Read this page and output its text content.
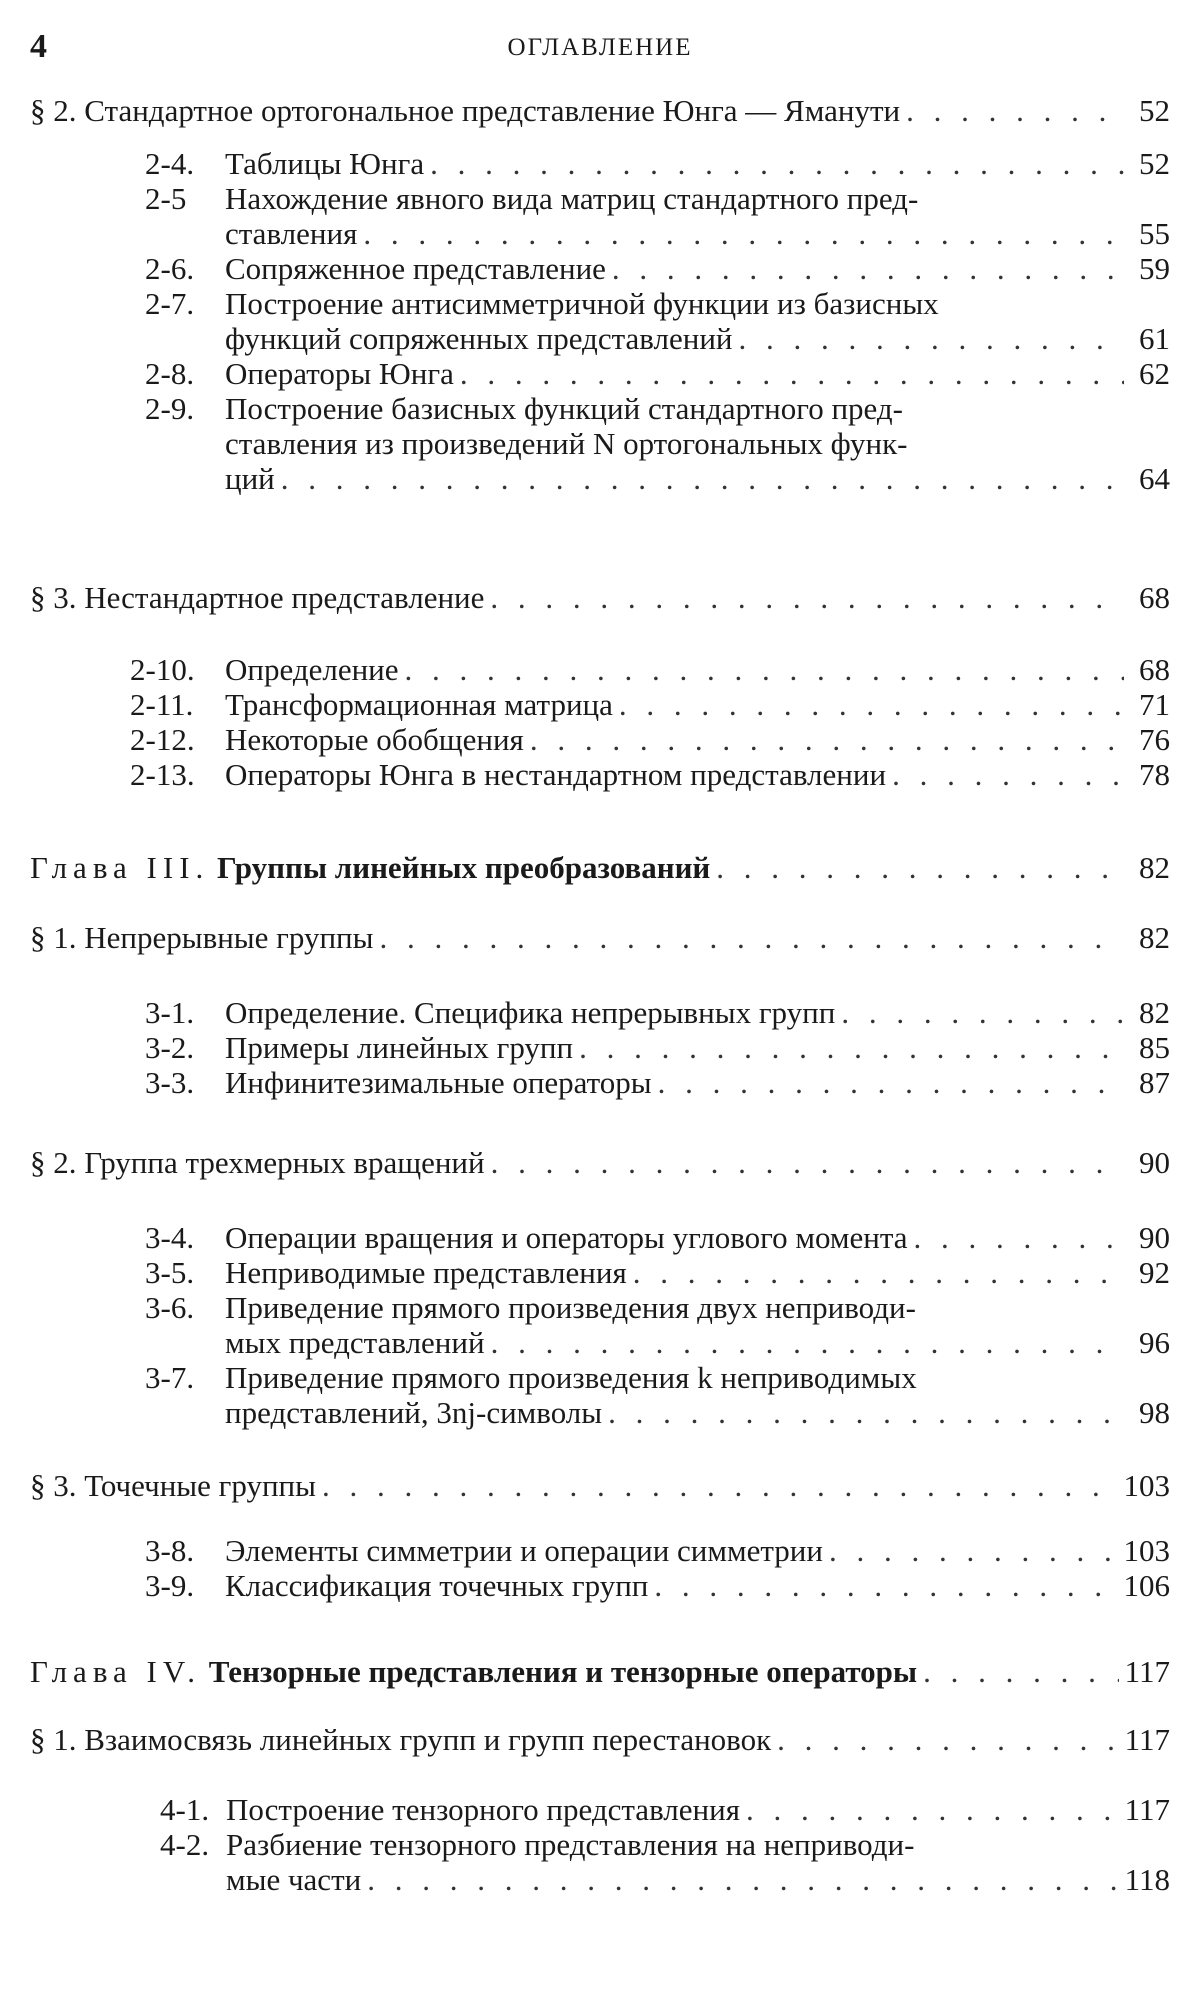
4	ОГЛАВЛЕНИЕ
§ 2. Стандартное ортогональное представление Юнга — Яманути . . .	52
2-4. Таблицы Юнга . . .	52
2-5 Нахождение явного вида матриц стандартного пред-
ставления . . .	55
2-6. Сопряженное представление . . .	59
2-7. Построение антисимметричной функции из базисных
функций сопряженных представлений . . .	61
2-8. Операторы Юнга . . .	62
2-9. Построение базисных функций стандартного пред-
ставления из произведений N ортогональных функ-
ций . . .	64
§ 3. Нестандартное представление . . .	68
2-10. Определение . . .	68
2-11. Трансформационная матрица . . .	71
2-12. Некоторые обобщения . . .	76
2-13. Операторы Юнга в нестандартном представлении . . .	78
Глава III. Группы линейных преобразований . . .	82
§ 1. Непрерывные группы . . .	82
3-1. Определение. Специфика непрерывных групп . . .	82
3-2. Примеры линейных групп . . .	85
3-3. Инфинитезимальные операторы . . .	87
§ 2. Группа трехмерных вращений . . .	90
3-4. Операции вращения и операторы углового момента . . .	90
3-5. Неприводимые представления . . .	92
3-6. Приведение прямого произведения двух неприводи-
мых представлений . . .	96
3-7. Приведение прямого произведения k неприводимых
представлений, 3nj-символы . . .	98
§ 3. Точечные группы . . .	103
3-8. Элементы симметрии и операции симметрии . . .	103
3-9. Классификация точечных групп . . .	106
Глава IV. Тензорные представления и тензорные операторы . . .	117
§ 1. Взаимосвязь линейных групп и групп перестановок . . .	117
4-1. Построение тензорного представления . . .	117
4-2. Разбиение тензорного представления на неприводи-
мые части . . .	118
